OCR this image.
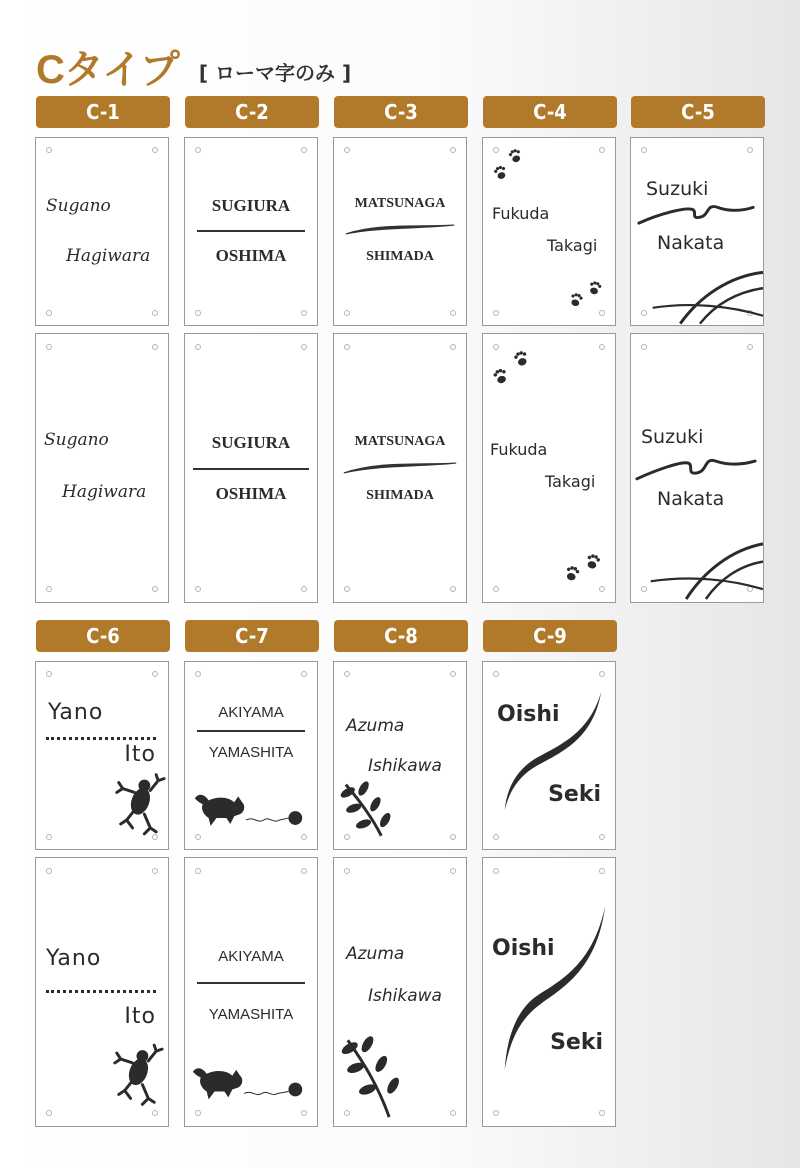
Cタイプ [ ローマ字のみ ]
C-1	C-2	C-3	C-4	C-5
Sugano
Hagiwara
Sugano
Hagiwara
SUGIURA
OSHIMA
SUGIURA
OSHIMA
MATSUNAGA
SHIMADA
MATSUNAGA
SHIMADA
Fukuda
Takagi
Fukuda
Takagi
Suzuki
Nakata
Suzuki
Nakata
C-6	C-7	C-8	C-9
Yano
Ito
Yano
Ito
AKIYAMA
YAMASHITA
AKIYAMA
YAMASHITA
Azuma
Ishikawa
Azuma
Ishikawa
Oishi
Seki
Oishi
Seki
